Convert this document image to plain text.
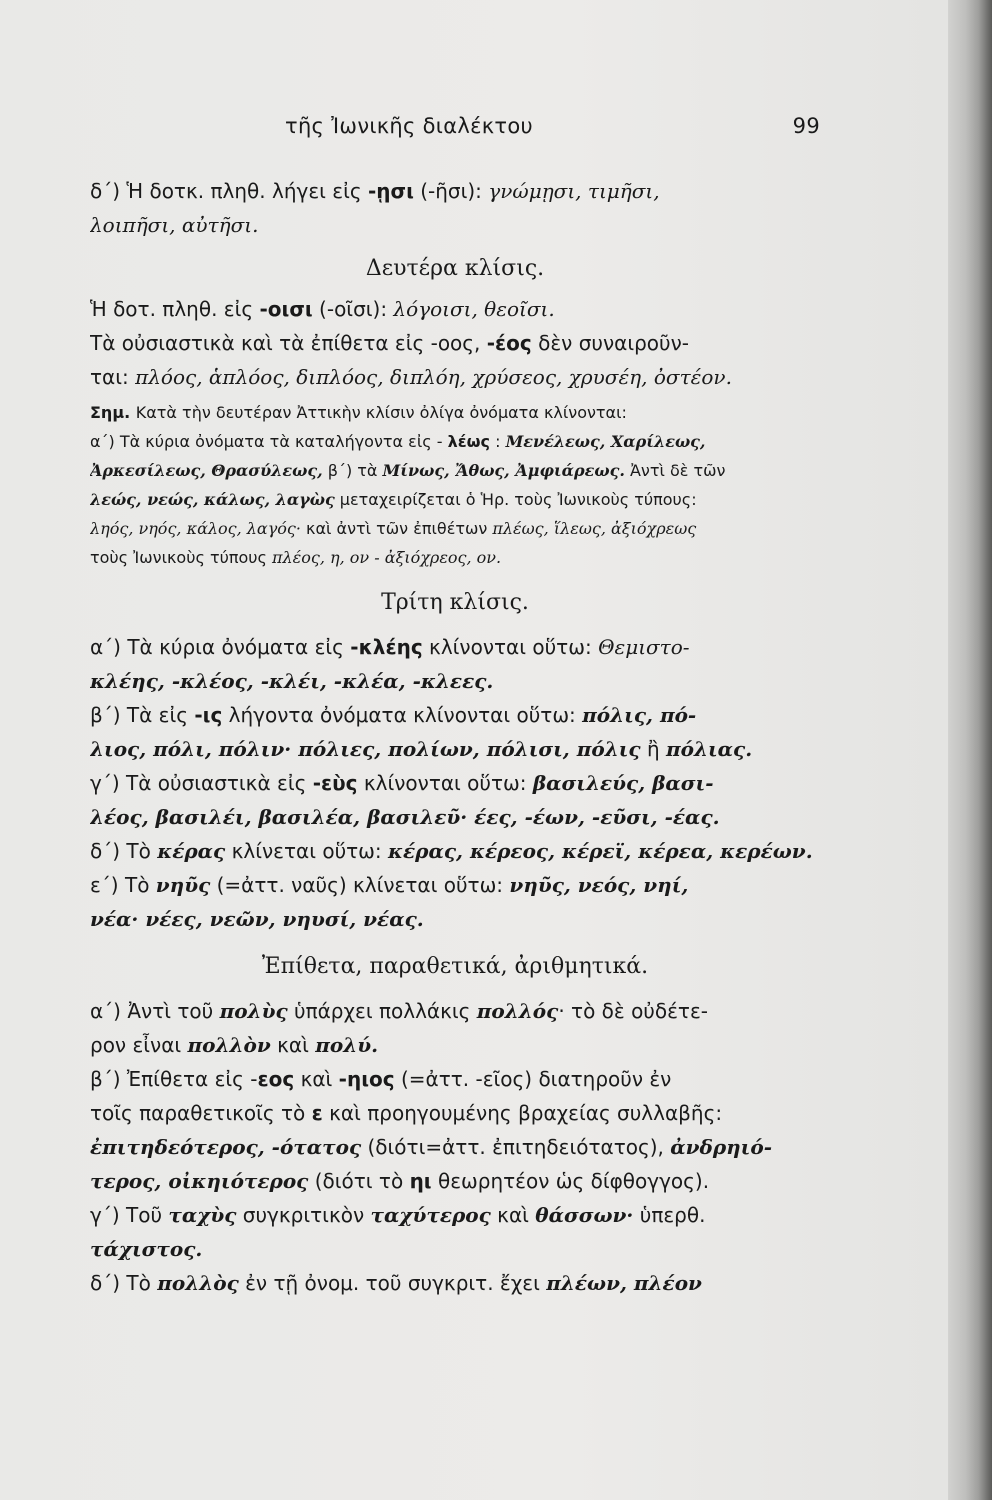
τῆς Ἰωνικῆς διαλέκτου	99
δ΄) Ἡ δοτκ. πληθ. λήγει εἰς -ῃσι (-ῆσι): γνώμῃσι, τιμῆσι,
λοιπῆσι, αὐτῆσι.
Δευτέρα κλίσις.
Ἡ δοτ. πληθ. εἰς -οισι (-οῖσι): λόγοισι, θεοῖσι.
Τὰ οὐσιαστικὰ καὶ τὰ ἐπίθετα εἰς -οος, -έος δὲν συναιροῦν-
ται: πλόος, ἁπλόος, διπλόος, διπλόη, χρύσεος, χρυσέη, ὀστέον.
Σημ. Κατὰ τὴν δευτέραν Ἀττικὴν κλίσιν ὀλίγα ὀνόματα κλίνονται:
α΄) Τὰ κύρια ὀνόματα τὰ καταλήγοντα εἰς - λέως : Μενέλεως, Χαρίλεως,
Ἀρκεσίλεως, Θρασύλεως, β΄) τὰ Μίνως, Ἄθως, Ἀμφιάρεως. Ἀντὶ δὲ τῶν
λεώς, νεώς, κάλως, λαγὼς μεταχειρίζεται ὁ Ἡρ. τοὺς Ἰωνικοὺς τύπους:
ληός, νηός, κάλος, λαγός· καὶ ἀντὶ τῶν ἐπιθέτων πλέως, ἵλεως, ἀξιόχρεως
τοὺς Ἰωνικοὺς τύπους πλέος, η, ον - ἀξιόχρεος, ον.
Τρίτη κλίσις.
α΄) Τὰ κύρια ὀνόματα εἰς -κλέης κλίνονται οὕτω: Θεμιστο-
κλέης, -κλέος, -κλέι, -κλέα, -κλεες.
β΄) Τὰ εἰς -ις λήγοντα ὀνόματα κλίνονται οὕτω: πόλις, πό-
λιος, πόλι, πόλιν· πόλιες, πολίων, πόλισι, πόλις ἢ πόλιας.
γ΄) Τὰ οὐσιαστικὰ εἰς -εὺς κλίνονται οὕτω: βασιλεύς, βασι-
λέος, βασιλέι, βασιλέα, βασιλεῦ· έες, -έων, -εῦσι, -έας.
δ΄) Τὸ κέρας κλίνεται οὕτω: κέρας, κέρεος, κέρεϊ, κέρεα, κερέων.
ε΄) Τὸ νηῦς (=ἀττ. ναῦς) κλίνεται οὕτω: νηῦς, νεός, νηί,
νέα· νέες, νεῶν, νηυσί, νέας.
Ἐπίθετα, παραθετικά, ἀριθμητικά.
α΄) Ἀντὶ τοῦ πολὺς ὑπάρχει πολλάκις πολλός· τὸ δὲ οὐδέτε-
ρον εἶναι πολλὸν καὶ πολύ.
β΄) Ἐπίθετα εἰς -εος καὶ -ηιος (=ἀττ. -εῖος) διατηροῦν ἐν
τοῖς παραθετικοῖς τὸ ε καὶ προηγουμένης βραχείας συλλαβῆς:
ἐπιτηδεότερος, -ότατος (διότι=ἀττ. ἐπιτηδειότατος), ἀνδρηιό-
τερος, οἰκηιότερος (διότι τὸ ηι θεωρητέον ὡς δίφθογγος).
γ΄) Τοῦ ταχὺς συγκριτικὸν ταχύτερος καὶ θάσσων· ὑπερθ.
τάχιστος.
δ΄) Τὸ πολλὸς ἐν τῇ ὀνομ. τοῦ συγκριτ. ἔχει πλέων, πλέον
